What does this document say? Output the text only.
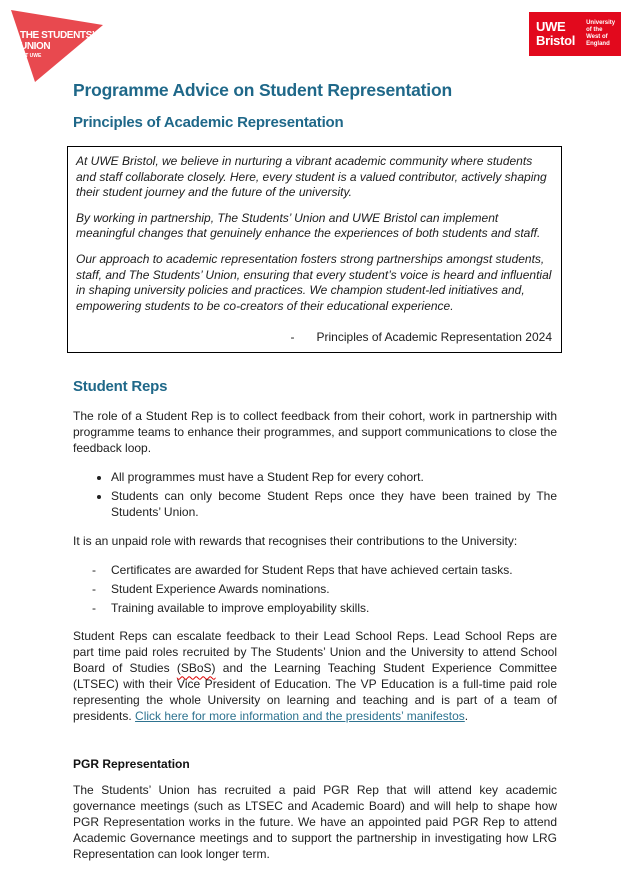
THE STUDENTS’
UNION
AT UWE
UWE
Bristol
University
of the
West of
England
Programme Advice on Student Representation
Principles of Academic Representation

At UWE Bristol, we believe in nurturing a vibrant academic community where students and staff collaborate closely. Here, every student is a valued contributor, actively shaping their student journey and the future of the university.

By working in partnership, The Students’ Union and UWE Bristol can implement meaningful changes that genuinely enhance the experiences of both students and staff.

Our approach to academic representation fosters strong partnerships amongst students, staff, and The Students’ Union, ensuring that every student’s voice is heard and influential in shaping university policies and practices. We champion student-led initiatives and, empowering students to be co-creators of their educational experience.

- Principles of Academic Representation 2024
Student Reps

The role of a Student Rep is to collect feedback from their cohort, work in partnership with programme teams to enhance their programmes, and support communications to close the feedback loop.

• All programmes must have a Student Rep for every cohort.
• Students can only become Student Reps once they have been trained by The Students’ Union.

It is an unpaid role with rewards that recognises their contributions to the University:

- Certificates are awarded for Student Reps that have achieved certain tasks.
- Student Experience Awards nominations.
- Training available to improve employability skills.

Student Reps can escalate feedback to their Lead School Reps. Lead School Reps are part time paid roles recruited by The Students’ Union and the University to attend School Board of Studies (SBoS) and the Learning Teaching Student Experience Committee (LTSEC) with their Vice President of Education. The VP Education is a full-time paid role representing the whole University on learning and teaching and is part of a team of presidents. Click here for more information and the presidents’ manifestos.

PGR Representation

The Students’ Union has recruited a paid PGR Rep that will attend key academic governance meetings (such as LTSEC and Academic Board) and will help to shape how PGR Representation works in the future. We have an appointed paid PGR Rep to attend Academic Governance meetings and to support the partnership in investigating how LRG Representation can look longer term.
